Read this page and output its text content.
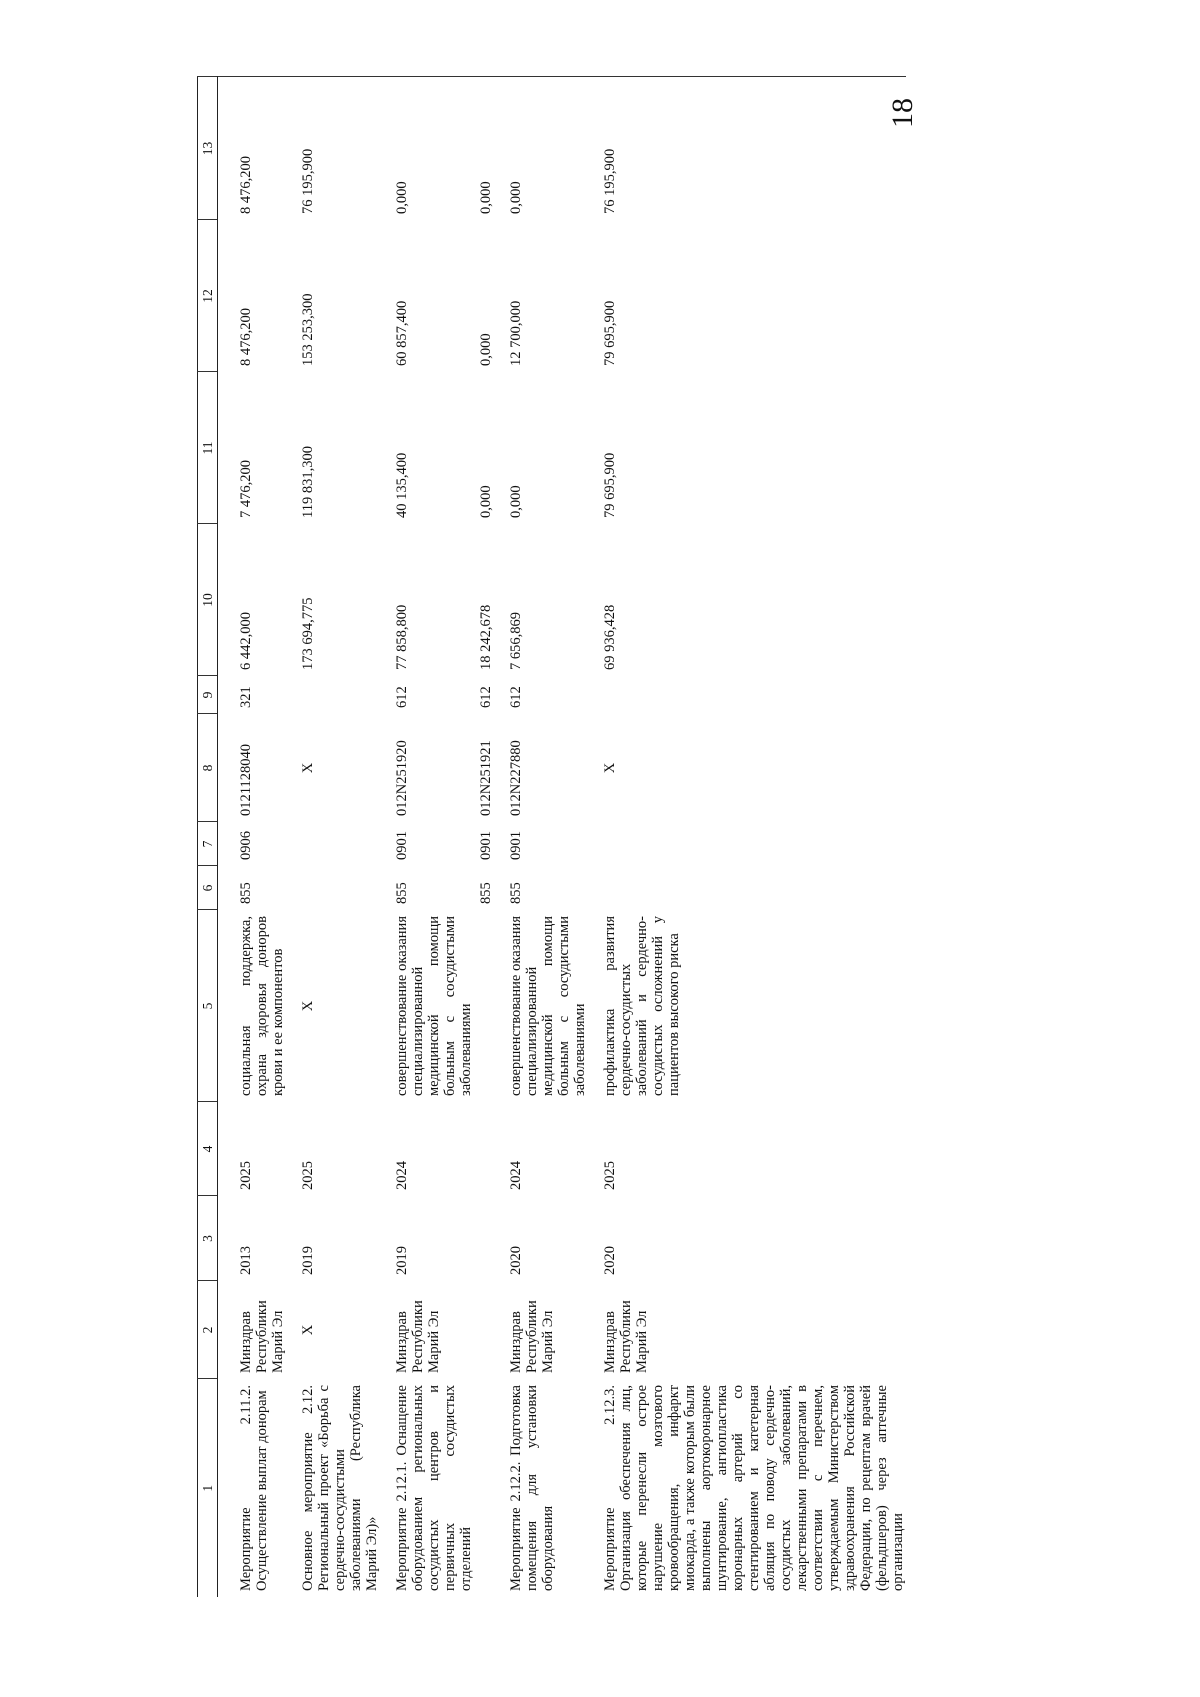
18
1	2	3	4	5	6	7	8	9	10	11	12	13
Мероприятие 2.11.2. Осуществление выплат донорам	Минздрав Республики Марий Эл	2013	2025	социальная поддержка, охрана здоровья доноров крови и ее компонентов	855	0906	0121128040	321	6 442,000	7 476,200	8 476,200	8 476,200
Основное мероприятие 2.12. Региональный проект «Борьба с сердечно-сосудистыми заболеваниями (Республика Марий Эл)»	Х	2019	2025	Х			Х		173 694,775	119 831,300	153 253,300	76 195,900
Мероприятие 2.12.1. Оснащение оборудованием региональных сосудистых центров и первичных сосудистых отделений	Минздрав Республики Марий Эл	2019	2024	совершенствование оказания специализированной медицинской помощи больным с сосудистыми заболеваниями	855	0901	012N251920	612	77 858,800	40 135,400	60 857,400	0,000
					855	0901	012N251921	612	18 242,678	0,000	0,000	0,000
Мероприятие 2.12.2. Подготовка помещения для установки оборудования	Минздрав Республики Марий Эл	2020	2024	совершенствование оказания специализированной медицинской помощи больным с сосудистыми заболеваниями	855	0901	012N227880	612	7 656,869	0,000	12 700,000	0,000
Мероприятие 2.12.3. Организация обеспечения лиц, которые перенесли острое нарушение мозгового кровообращения, инфаркт миокарда, а также которым были выполнены аортокоронарное шунтирование, ангиопластика коронарных артерий со стентированием и катетерная абляция по поводу сердечно-сосудистых заболеваний, лекарственными препаратами в соответствии с перечнем, утверждаемым Министерством здравоохранения Российской Федерации, по рецептам врачей (фельдшеров) через аптечные организации	Минздрав Республики Марий Эл	2020	2025	профилактика развития сердечно-сосудистых заболеваний и сердечно-сосудистых осложнений у пациентов высокого риска			Х		69 936,428	79 695,900	79 695,900	76 195,900
